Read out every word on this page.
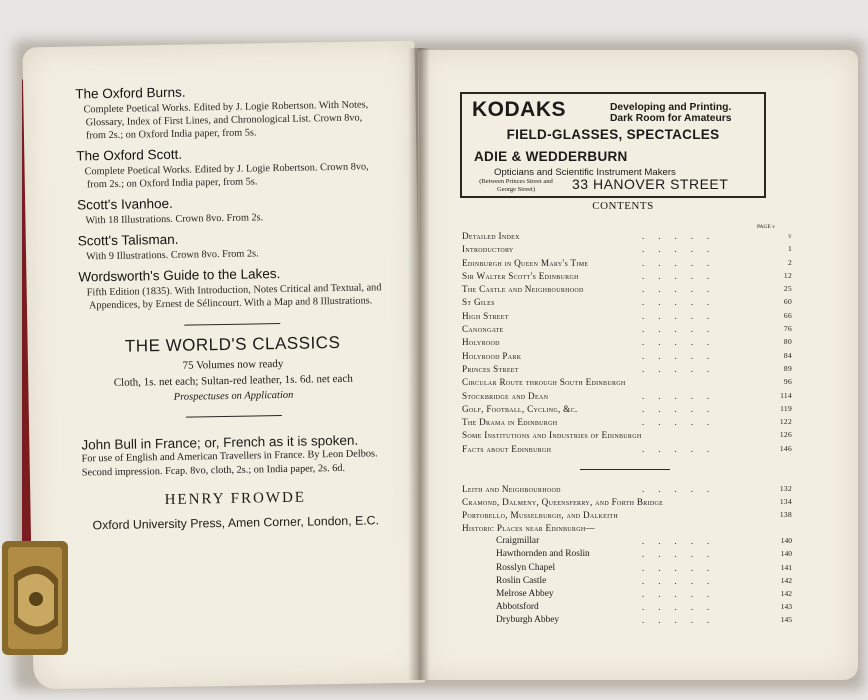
The Oxford Burns.
Complete Poetical Works. Edited by J. Logie Robertson. With Notes, Glossary, Index of First Lines, and Chronological List. Crown 8vo, from 2s.; on Oxford India paper, from 5s.
The Oxford Scott.
Complete Poetical Works. Edited by J. Logie Robertson. Crown 8vo, from 2s.; on Oxford India paper, from 5s.
Scott's Ivanhoe.
With 18 Illustrations. Crown 8vo. From 2s.
Scott's Talisman.
With 9 Illustrations. Crown 8vo. From 2s.
Wordsworth's Guide to the Lakes.
Fifth Edition (1835). With Introduction, Notes Critical and Textual, and Appendices, by Ernest de Sélincourt. With a Map and 8 Illustrations.
THE WORLD'S CLASSICS
75 Volumes now ready
Cloth, 1s. net each; Sultan-red leather, 1s. 6d. net each
Prospectuses on Application
John Bull in France; or, French as it is spoken.
For use of English and American Travellers in France. By Leon Delbos. Second impression. Fcap. 8vo, cloth, 2s.; on India paper, 2s. 6d.
HENRY FROWDE
Oxford University Press, Amen Corner, London, E.C.
KODAKS	Developing and Printing.
Dark Room for Amateurs
FIELD-GLASSES, SPECTACLES
ADIE & WEDDERBURN
Opticians and Scientific Instrument Makers
(Between Princes Street and George Street)	33 HANOVER STREET
CONTENTS
PAGE v
Detailed Index	.....	v
Introductory	.....	1
Edinburgh in Queen Mary's Time	.....	2
Sir Walter Scott's Edinburgh	.....	12
The Castle and Neighbourhood	.....	25
St Giles	.....	60
High Street	.....	66
Canongate	.....	76
Holyrood	.....	80
Holyrood Park	.....	84
Princes Street	.....	89
Circular Route through South Edinburgh	96
Stockbridge and Dean	.....	114
Golf, Football, Cycling, &c.	.....	119
The Drama in Edinburgh	.....	122
Some Institutions and Industries of Edinburgh	126
Facts about Edinburgh	.....	146
Leith and Neighbourhood	.....	132
Cramond, Dalmeny, Queensferry, and Forth Bridge	134
Portobello, Musselburgh, and Dalkeith	138
Historic Places near Edinburgh—
Craigmillar	.....	140
Hawthornden and Roslin	.....	140
Rosslyn Chapel	.....	141
Roslin Castle	.....	142
Melrose Abbey	.....	142
Abbotsford	.....	143
Dryburgh Abbey	.....	145
